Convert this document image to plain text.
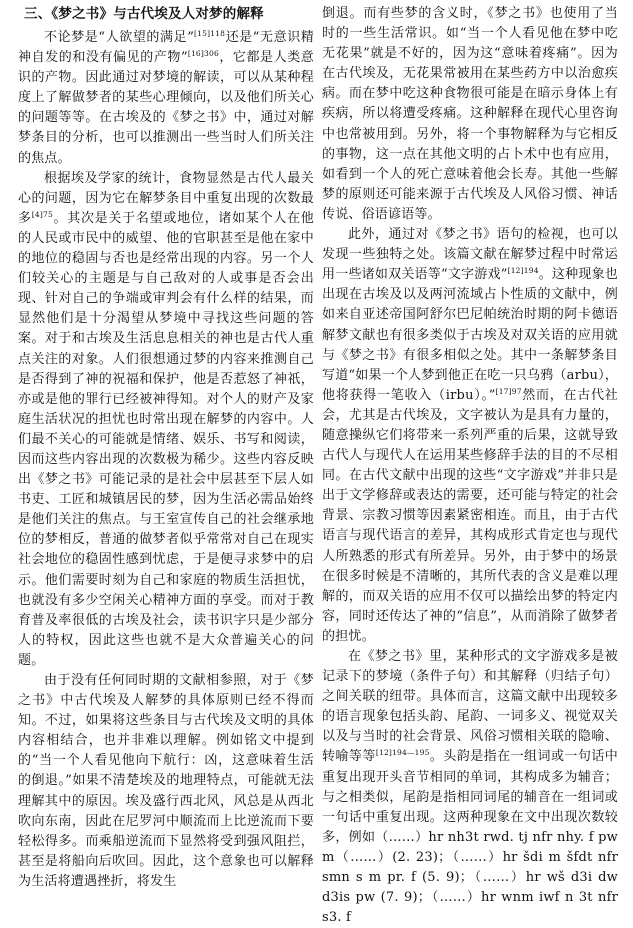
三、《梦之书》与古代埃及人对梦的解释

不论梦是“人欲望的满足”$^{[15]118}$还是“无意识精神自发的和没有偏见的产物”$^{[16]306}$，它都是人类意识的产物。因此通过对梦境的解读，可以从某种程度上了解做梦者的某些心理倾向，以及他们所关心的问题等等。在古埃及的《梦之书》中，通过对解梦条目的分析，也可以推测出一些当时人们所关注的焦点。

根据埃及学家的统计，食物显然是古代人最关心的问题，因为它在解梦条目中重复出现的次数最多$^{[4]75}$。其次是关于名望或地位，诸如某个人在他的人民或市民中的威望、他的官职甚至是他在家中的地位的稳固与否也是经常出现的内容。另一个人们较关心的主题是与自己敌对的人或事是否会出现、针对自己的争端或审判会有什么样的结果，而显然他们是十分渴望从梦境中寻找这些问题的答案。对于和古埃及生活息息相关的神也是古代人重点关注的对象。人们很想通过梦的内容来推测自己是否得到了神的祝福和保护，他是否惹怒了神祇，亦或是他的罪行已经被神得知。对个人的财产及家庭生活状况的担忧也时常出现在解梦的内容中。人们最不关心的可能就是情绪、娱乐、书写和阅读，因而这些内容出现的次数极为稀少。这些内容反映出《梦之书》可能记录的是社会中层甚至下层人如书吏、工匠和城镇居民的梦，因为生活必需品始终是他们关注的焦点。与王室宣传自己的社会继承地位的梦相反，普通的做梦者似乎常常对自己在现实社会地位的稳固性感到忧虑，于是便寻求梦中的启示。他们需要时刻为自己和家庭的物质生活担忧，也就没有多少空闲关心精神方面的享受。而对于教育普及率很低的古埃及社会，读书识字只是少部分人的特权，因此这些也就不是大众普遍关心的问题。

由于没有任何同时期的文献相参照，对于《梦之书》中古代埃及人解梦的具体原则已经不得而知。不过，如果将这些条目与古代埃及文明的具体内容相结合，也并非难以理解。例如铭文中提到的“当一个人看见他向下航行：凶，这意味着生活的倒退。”如果不清楚埃及的地理特点，可能就无法理解其中的原因。埃及盛行西北风，风总是从西北吹向东南，因此在尼罗河中顺流而上比逆流而下要轻松得多。而乘船逆流而下显然将受到强风阻拦，甚至是将船向后吹回。因此，这个意象也可以解释为生活将遭遇挫折，将发生

倒退。而有些梦的含义时，《梦之书》也使用了当时的一些生活常识。如“当一个人看见他在梦中吃无花果”就是不好的，因为这“意味着疼痛”。因为在古代埃及，无花果常被用在某些药方中以治愈疾病。而在梦中吃这种食物很可能是在暗示身体上有疾病，所以将遭受疼痛。这种解释在现代心里咨询中也常被用到。另外，将一个事物解释为与它相反的事物，这一点在其他文明的占卜术中也有应用，如看到一个人的死亡意味着他会长寿。其他一些解梦的原则还可能来源于古代埃及人风俗习惯、神话传说、俗语谚语等。

此外，通过对《梦之书》语句的检视，也可以发现一些独特之处。该篇文献在解梦过程中时常运用一些诸如双关语等“文字游戏”$^{[12]194}$。这种现象也出现在古埃及以及两河流域占卜性质的文献中，例如来自亚述帝国阿舒尔巴尼帕统治时期的阿卡德语解梦文献也有很多类似于古埃及对双关语的应用就与《梦之书》有很多相似之处。其中一条解梦条目写道“如果一个人梦到他正在吃一只乌鸦（arbu），他将获得一笔收入（irbu）。”$^{[17]97}$然而，在古代社会，尤其是古代埃及，文字被认为是具有力量的，随意操纵它们将带来一系列严重的后果，这就导致古代人与现代人在运用某些修辞手法的目的不尽相同。在古代文献中出现的这些“文字游戏”并非只是出于文学修辞或表达的需要，还可能与特定的社会背景、宗教习惯等因素紧密相连。而且，由于古代语言与现代语言的差异，其构成形式肯定也与现代人所熟悉的形式有所差异。另外，由于梦中的场景在很多时候是不清晰的，其所代表的含义是难以理解的，而双关语的应用不仅可以描绘出梦的特定内容，同时还传达了神的“信息”，从而消除了做梦者的担忧。

在《梦之书》里，某种形式的文字游戏多是被记录下的梦境（条件子句）和其解释（归结子句）之间关联的纽带。具体而言，这篇文献中出现较多的语言现象包括头韵、尾韵、一词多义、视觉双关以及与当时的社会背景、风俗习惯相关联的隐喻、转喻等等$^{[12]194—195}$。头韵是指在一组词或一句话中重复出现开头音节相同的单词，其构成多为辅音；与之相类似，尾韵是指相同词尾的辅音在一组词或一句话中重复出现。这两种现象在文中出现次数较多，例如（……）hr nh3t rwd. tj nfr nhy. f pw m（……）(2. 23)；（……）hr šdi m šfdt nfr smn s m pr. f (5. 9)；（……）hr wš d3i dw d3is pw (7. 9)；（……）hr wnm iwf n 3t nfr s3. f
